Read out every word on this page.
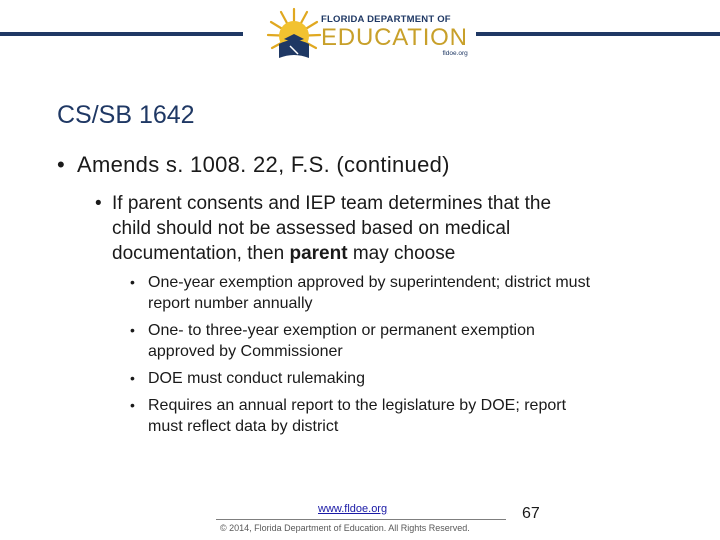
FLORIDA DEPARTMENT OF
EDUCATION
fldoe.org
CS/SB 1642
• Amends s. 1008. 22, F.S. (continued)
• If parent consents and IEP team determines that the
child should not be assessed based on medical
documentation, then parent may choose
• One-year exemption approved by superintendent; district must
report number annually
• One- to three-year exemption or permanent exemption
approved by Commissioner
• DOE must conduct rulemaking
• Requires an annual report to the legislature by DOE; report
must reflect data by district
www.fldoe.org
© 2014, Florida Department of Education. All Rights Reserved.
67
